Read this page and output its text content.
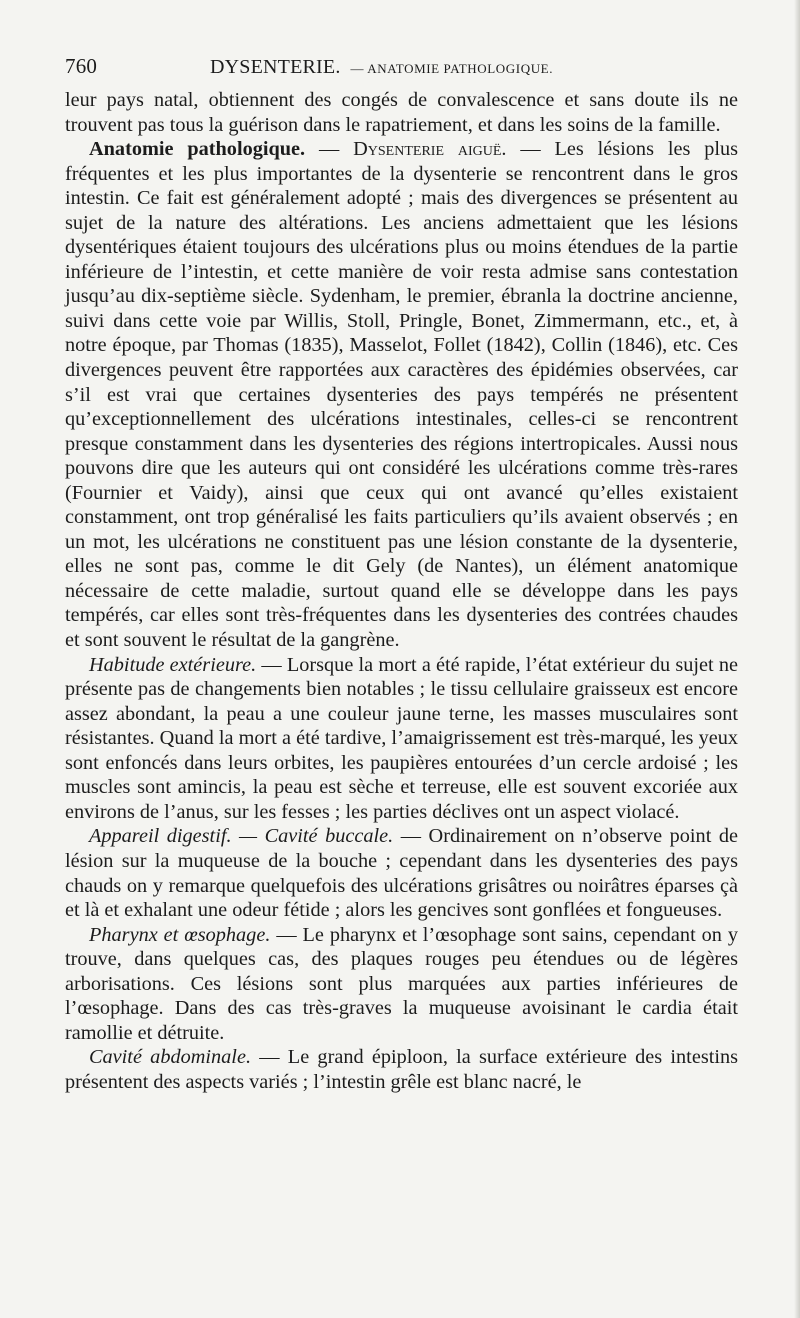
760	DYSENTERIE. — ANATOMIE PATHOLOGIQUE.

leur pays natal, obtiennent des congés de convalescence et sans doute ils ne trouvent pas tous la guérison dans le rapatriement, et dans les soins de la famille.

Anatomie pathologique. — Dysenterie aiguë. — Les lésions les plus fréquentes et les plus importantes de la dysenterie se rencontrent dans le gros intestin. Ce fait est généralement adopté ; mais des divergences se présentent au sujet de la nature des altérations. Les anciens admettaient que les lésions dysentériques étaient toujours des ulcérations plus ou moins étendues de la partie inférieure de l’intestin, et cette manière de voir resta admise sans contestation jusqu’au dix-septième siècle. Sydenham, le premier, ébranla la doctrine ancienne, suivi dans cette voie par Willis, Stoll, Pringle, Bonet, Zimmermann, etc., et, à notre époque, par Thomas (1835), Masselot, Follet (1842), Collin (1846), etc. Ces divergences peuvent être rapportées aux caractères des épidémies observées, car s’il est vrai que certaines dysenteries des pays tempérés ne présentent qu’exceptionnellement des ulcérations intestinales, celles-ci se rencontrent presque constamment dans les dysenteries des régions intertropicales. Aussi nous pouvons dire que les auteurs qui ont considéré les ulcérations comme très-rares (Fournier et Vaidy), ainsi que ceux qui ont avancé qu’elles existaient constamment, ont trop généralisé les faits particuliers qu’ils avaient observés ; en un mot, les ulcérations ne constituent pas une lésion constante de la dysenterie, elles ne sont pas, comme le dit Gely (de Nantes), un élément anatomique nécessaire de cette maladie, surtout quand elle se développe dans les pays tempérés, car elles sont très-fréquentes dans les dysenteries des contrées chaudes et sont souvent le résultat de la gangrène.

Habitude extérieure. — Lorsque la mort a été rapide, l’état extérieur du sujet ne présente pas de changements bien notables ; le tissu cellulaire graisseux est encore assez abondant, la peau a une couleur jaune terne, les masses musculaires sont résistantes. Quand la mort a été tardive, l’amaigrissement est très-marqué, les yeux sont enfoncés dans leurs orbites, les paupières entourées d’un cercle ardoisé ; les muscles sont amincis, la peau est sèche et terreuse, elle est souvent excoriée aux environs de l’anus, sur les fesses ; les parties déclives ont un aspect violacé.

Appareil digestif. — Cavité buccale. — Ordinairement on n’observe point de lésion sur la muqueuse de la bouche ; cependant dans les dysenteries des pays chauds on y remarque quelquefois des ulcérations grisâtres ou noirâtres éparses çà et là et exhalant une odeur fétide ; alors les gencives sont gonflées et fongueuses.

Pharynx et œsophage. — Le pharynx et l’œsophage sont sains, cependant on y trouve, dans quelques cas, des plaques rouges peu étendues ou de légères arborisations. Ces lésions sont plus marquées aux parties inférieures de l’œsophage. Dans des cas très-graves la muqueuse avoisinant le cardia était ramollie et détruite.

Cavité abdominale. — Le grand épiploon, la surface extérieure des intestins présentent des aspects variés ; l’intestin grêle est blanc nacré, le
